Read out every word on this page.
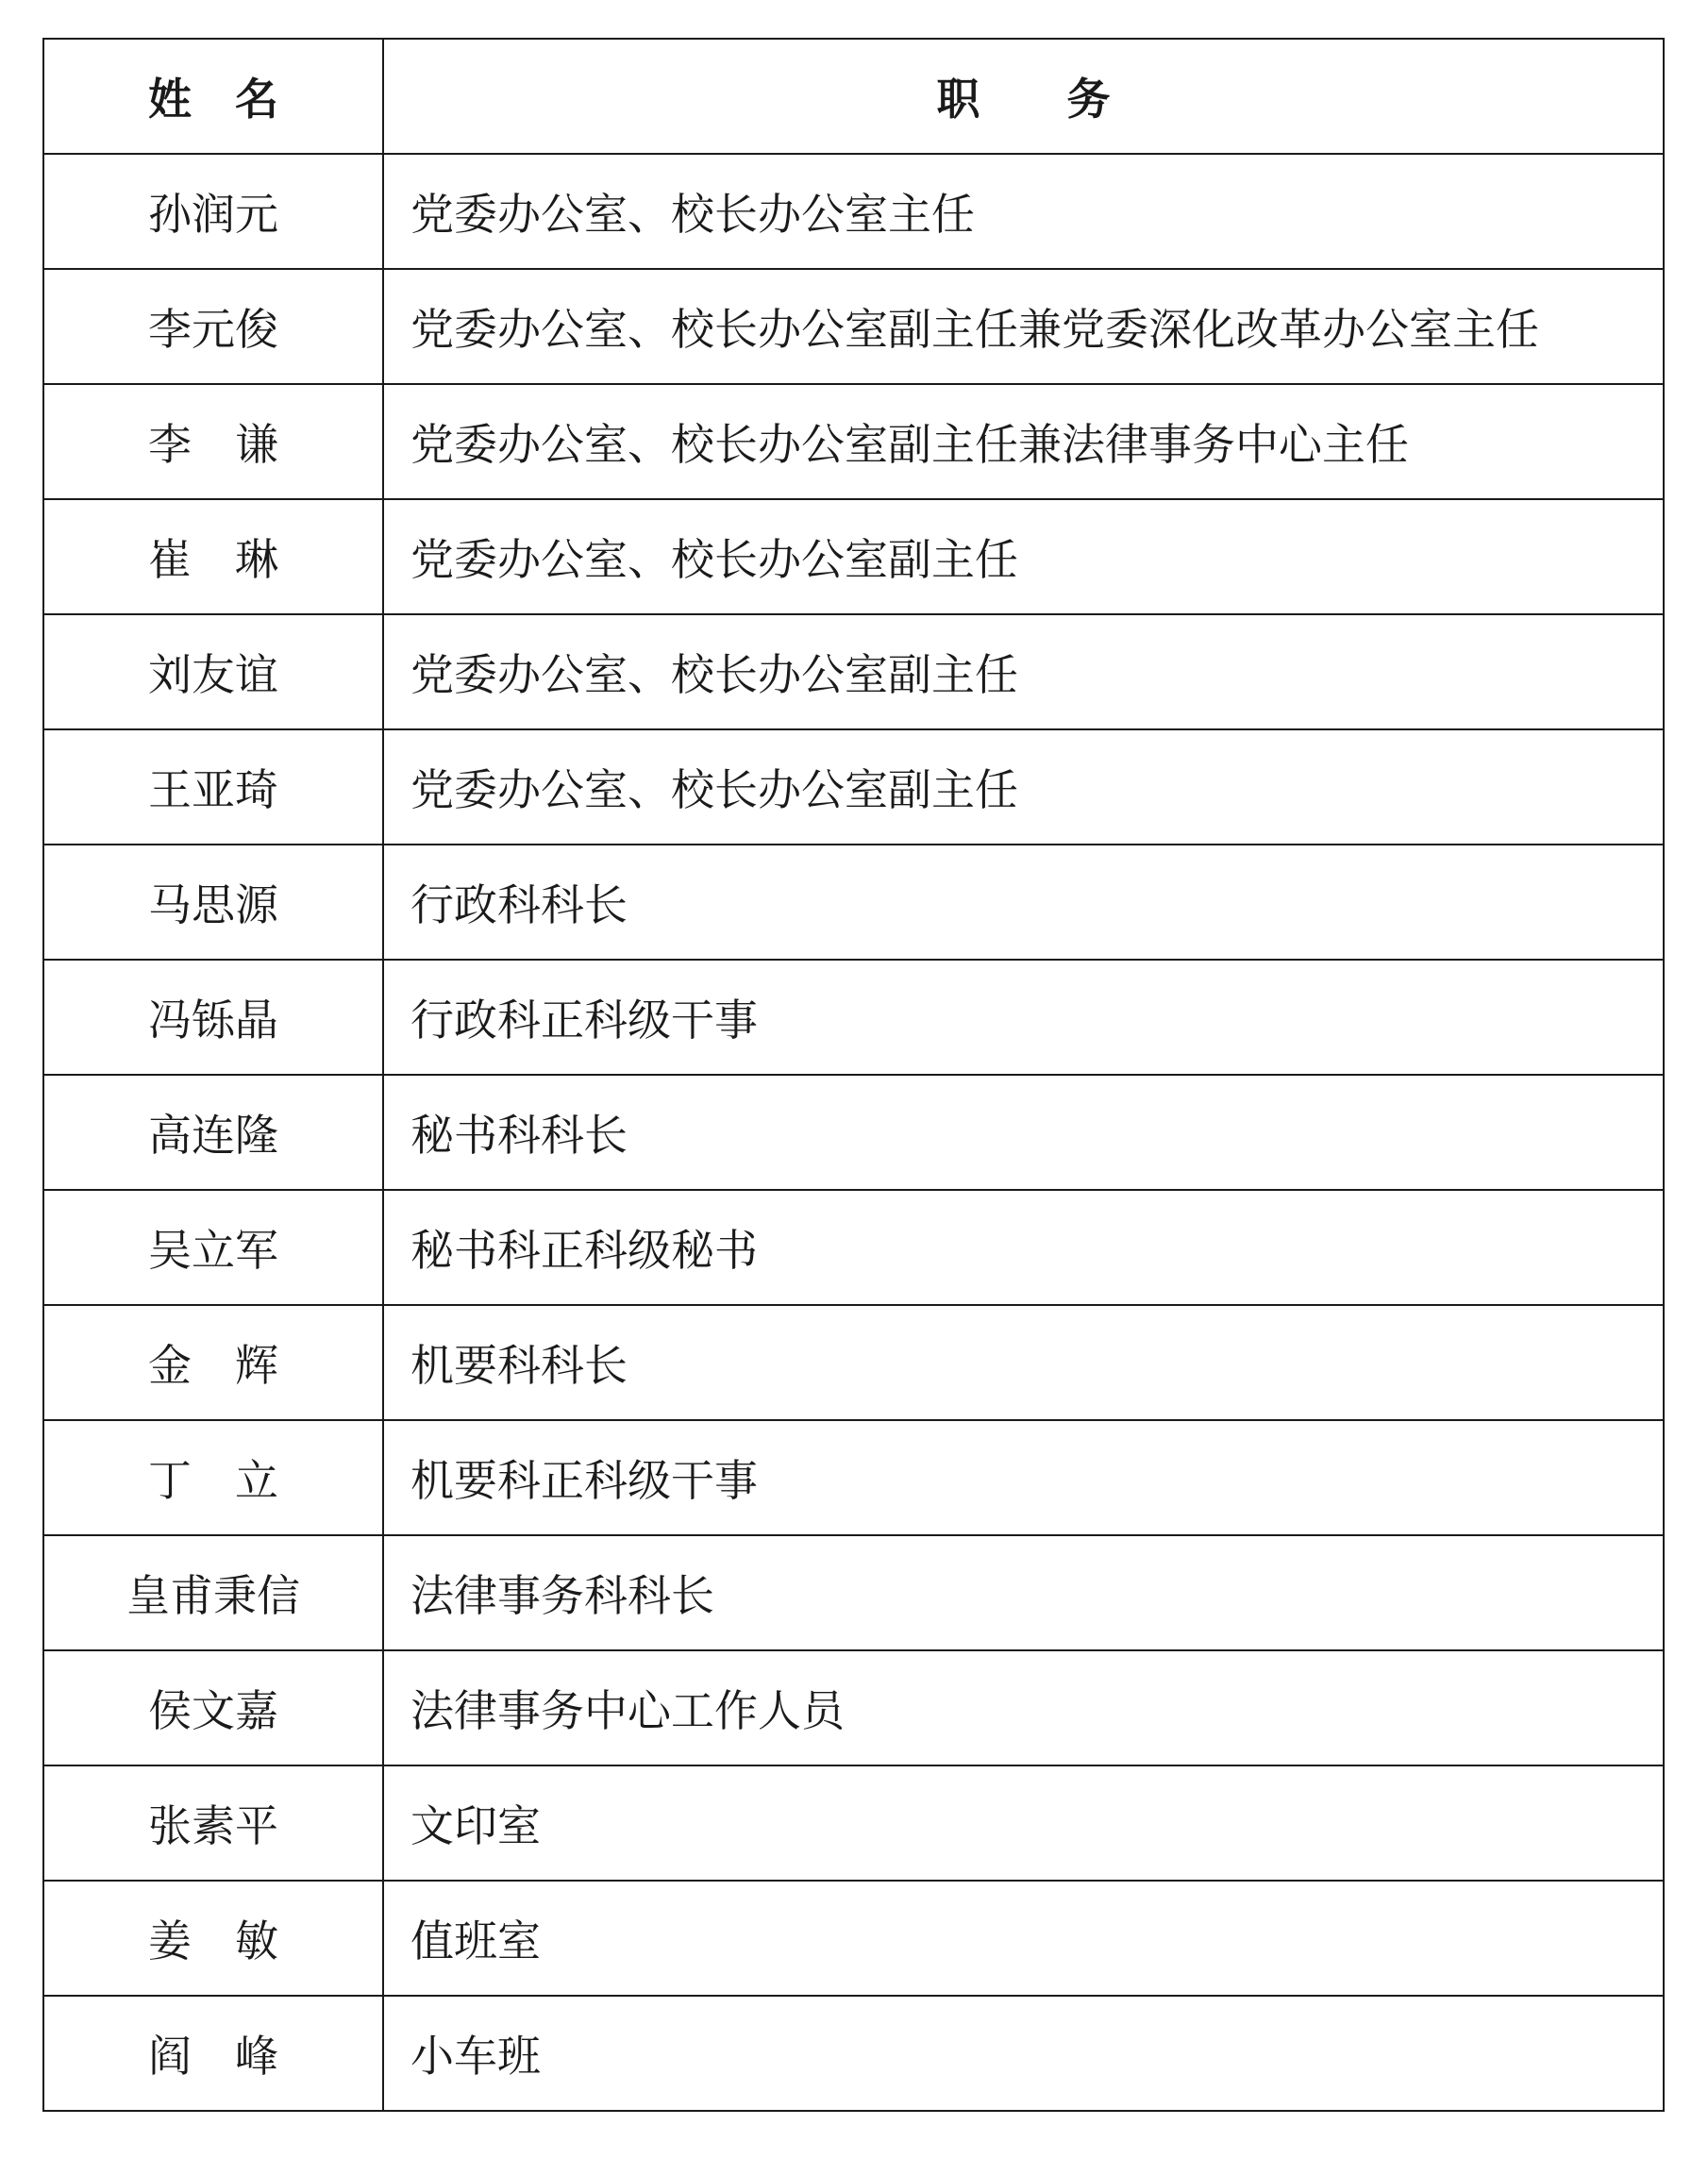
姓　名	职　　务
孙润元	党委办公室、校长办公室主任
李元俊	党委办公室、校长办公室副主任兼党委深化改革办公室主任
李　谦	党委办公室、校长办公室副主任兼法律事务中心主任
崔　琳	党委办公室、校长办公室副主任
刘友谊	党委办公室、校长办公室副主任
王亚琦	党委办公室、校长办公室副主任
马思源	行政科科长
冯铄晶	行政科正科级干事
高连隆	秘书科科长
吴立军	秘书科正科级秘书
金　辉	机要科科长
丁　立	机要科正科级干事
皇甫秉信	法律事务科科长
侯文嘉	法律事务中心工作人员
张素平	文印室
姜　敏	值班室
阎　峰	小车班
